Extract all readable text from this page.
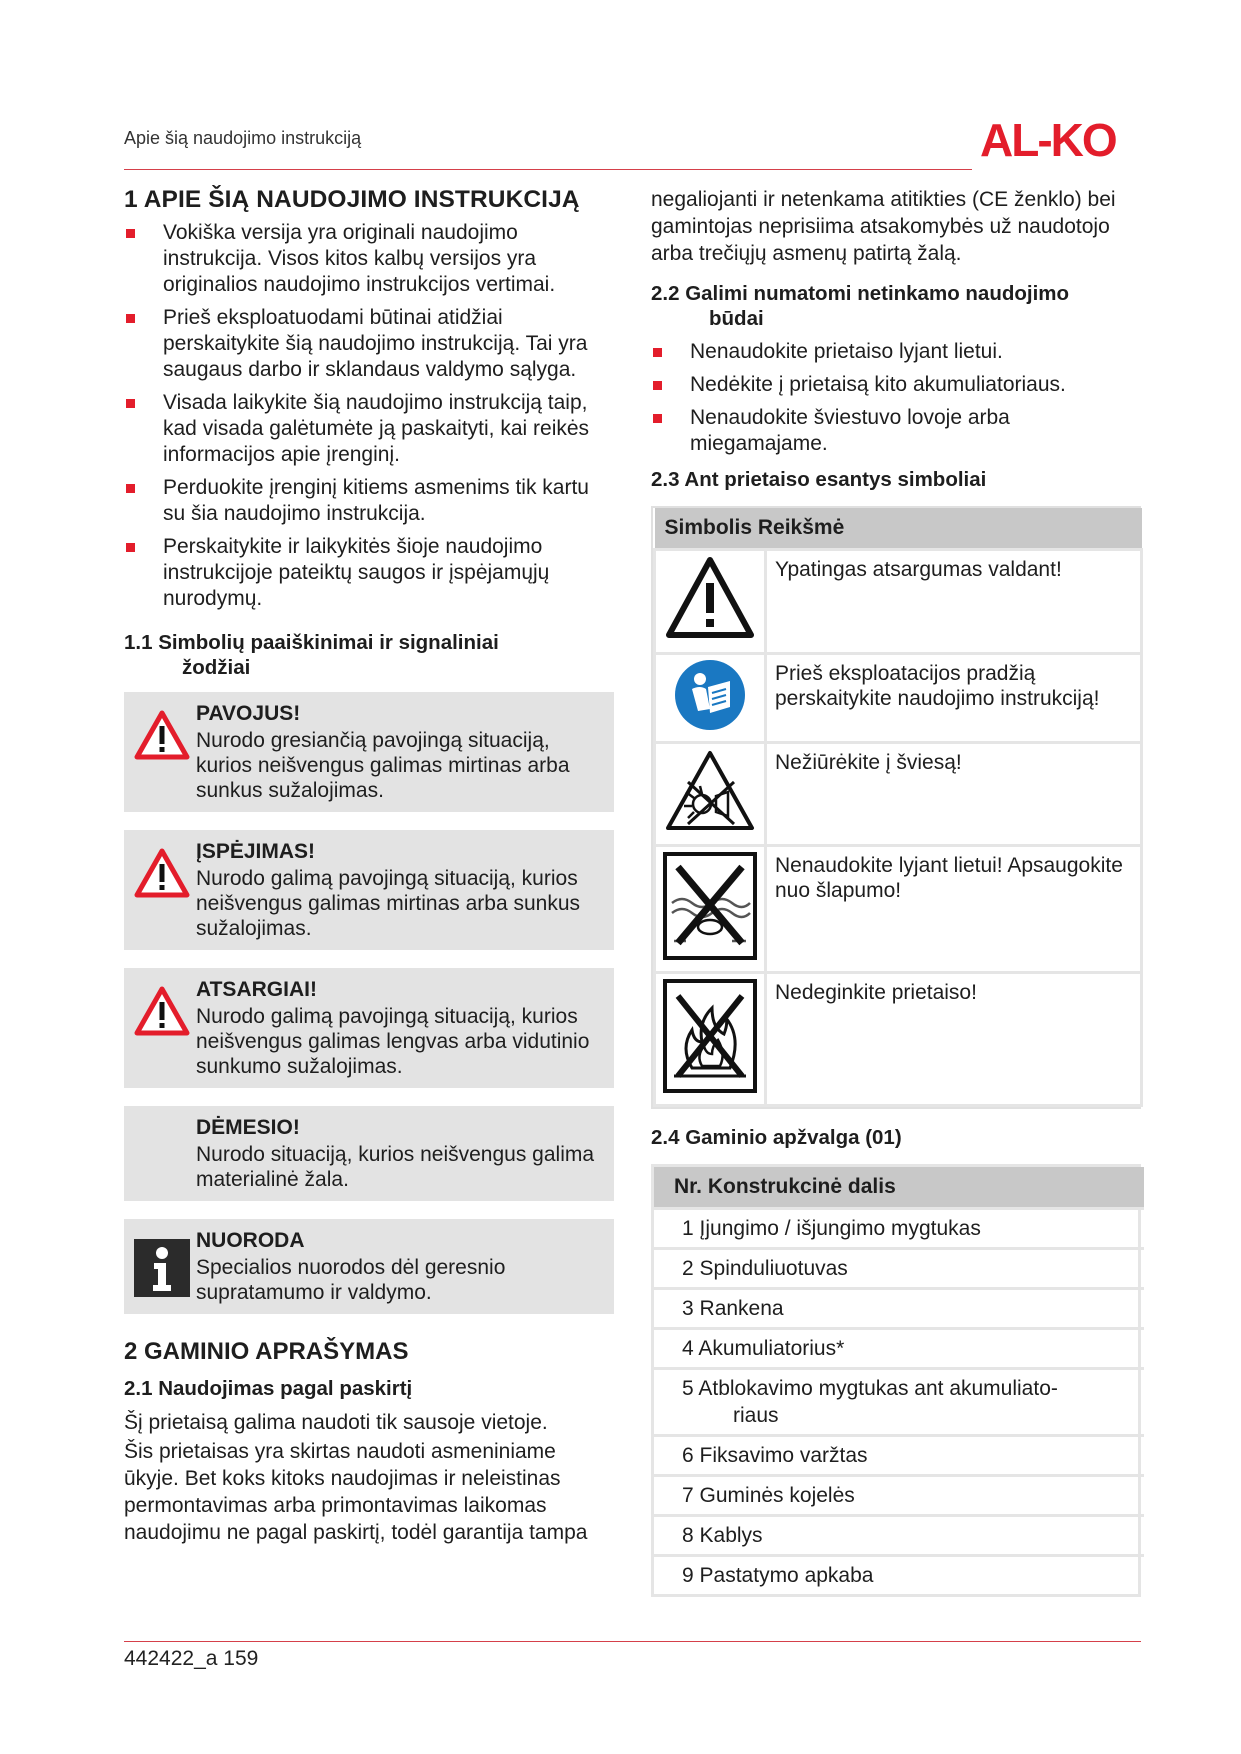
Apie šią naudojimo instrukciją	AL-KO
1 APIE ŠIĄ NAUDOJIMO INSTRUKCIJĄ
Vokiška versija yra originali naudojimo instrukcija. Visos kitos kalbų versijos yra originalios naudojimo instrukcijos vertimai.
Prieš eksploatuodami būtinai atidžiai perskaitykite šią naudojimo instrukciją. Tai yra saugaus darbo ir sklandaus valdymo sąlyga.
Visada laikykite šią naudojimo instrukciją taip, kad visada galėtumėte ją paskaityti, kai reikės informacijos apie įrenginį.
Perduokite įrenginį kitiems asmenims tik kartu su šia naudojimo instrukcija.
Perskaitykite ir laikykitės šioje naudojimo instrukcijoje pateiktų saugos ir įspėjamųjų nurodymų.
1.1 Simbolių paaiškinimai ir signaliniai
žodžiai
PAVOJUS!
Nurodo gresiančią pavojingą situaciją, kurios neišvengus galimas mirtinas arba sunkus sužalojimas.
ĮSPĖJIMAS!
Nurodo galimą pavojingą situaciją, kurios neišvengus galimas mirtinas arba sunkus sužalojimas.
ATSARGIAI!
Nurodo galimą pavojingą situaciją, kurios neišvengus galimas lengvas arba vidutinio sunkumo sužalojimas.
DĖMESIO!
Nurodo situaciją, kurios neišvengus galima materialinė žala.
NUORODA
Specialios nuorodos dėl geresnio supratamumo ir valdymo.
2 GAMINIO APRAŠYMAS
2.1 Naudojimas pagal paskirtį

Šį prietaisą galima naudoti tik sausoje vietoje.

Šis prietaisas yra skirtas naudoti asmeniniame ūkyje. Bet koks kitoks naudojimas ir neleistinas permontavimas arba primontavimas laikomas naudojimu ne pagal paskirtį, todėl garantija tampa

negaliojanti ir netenkama atitikties (CE ženklo) bei gamintojas neprisiima atsakomybės už naudotojo arba trečiųjų asmenų patirtą žalą.

2.2 Galimi numatomi netinkamo naudojimo
būdai
Nenaudokite prietaiso lyjant lietui.
Nedėkite į prietaisą kito akumuliatoriaus.
Nenaudokite šviestuvo lovoje arba miegamajame.
2.3 Ant prietaiso esantys simboliai
Simbolis Reikšmė	
	Ypatingas atsargumas valdant!
	Prieš eksploatacijos pradžią perskaitykite naudojimo instrukciją!
	Nežiūrėkite į šviesą!
	Nenaudokite lyjant lietui! Apsaugokite nuo šlapumo!
	Nedeginkite prietaiso!
2.4 Gaminio apžvalga (01)
Nr. Konstrukcinė dalis
1 Įjungimo / išjungimo mygtukas
2 Spinduliuotuvas
3 Rankena
4 Akumuliatorius*
5 Atblokavimo mygtukas ant akumuliato-
riaus

6 Fiksavimo varžtas
7 Guminės kojelės
8 Kablys
9 Pastatymo apkaba
442422_a 159
